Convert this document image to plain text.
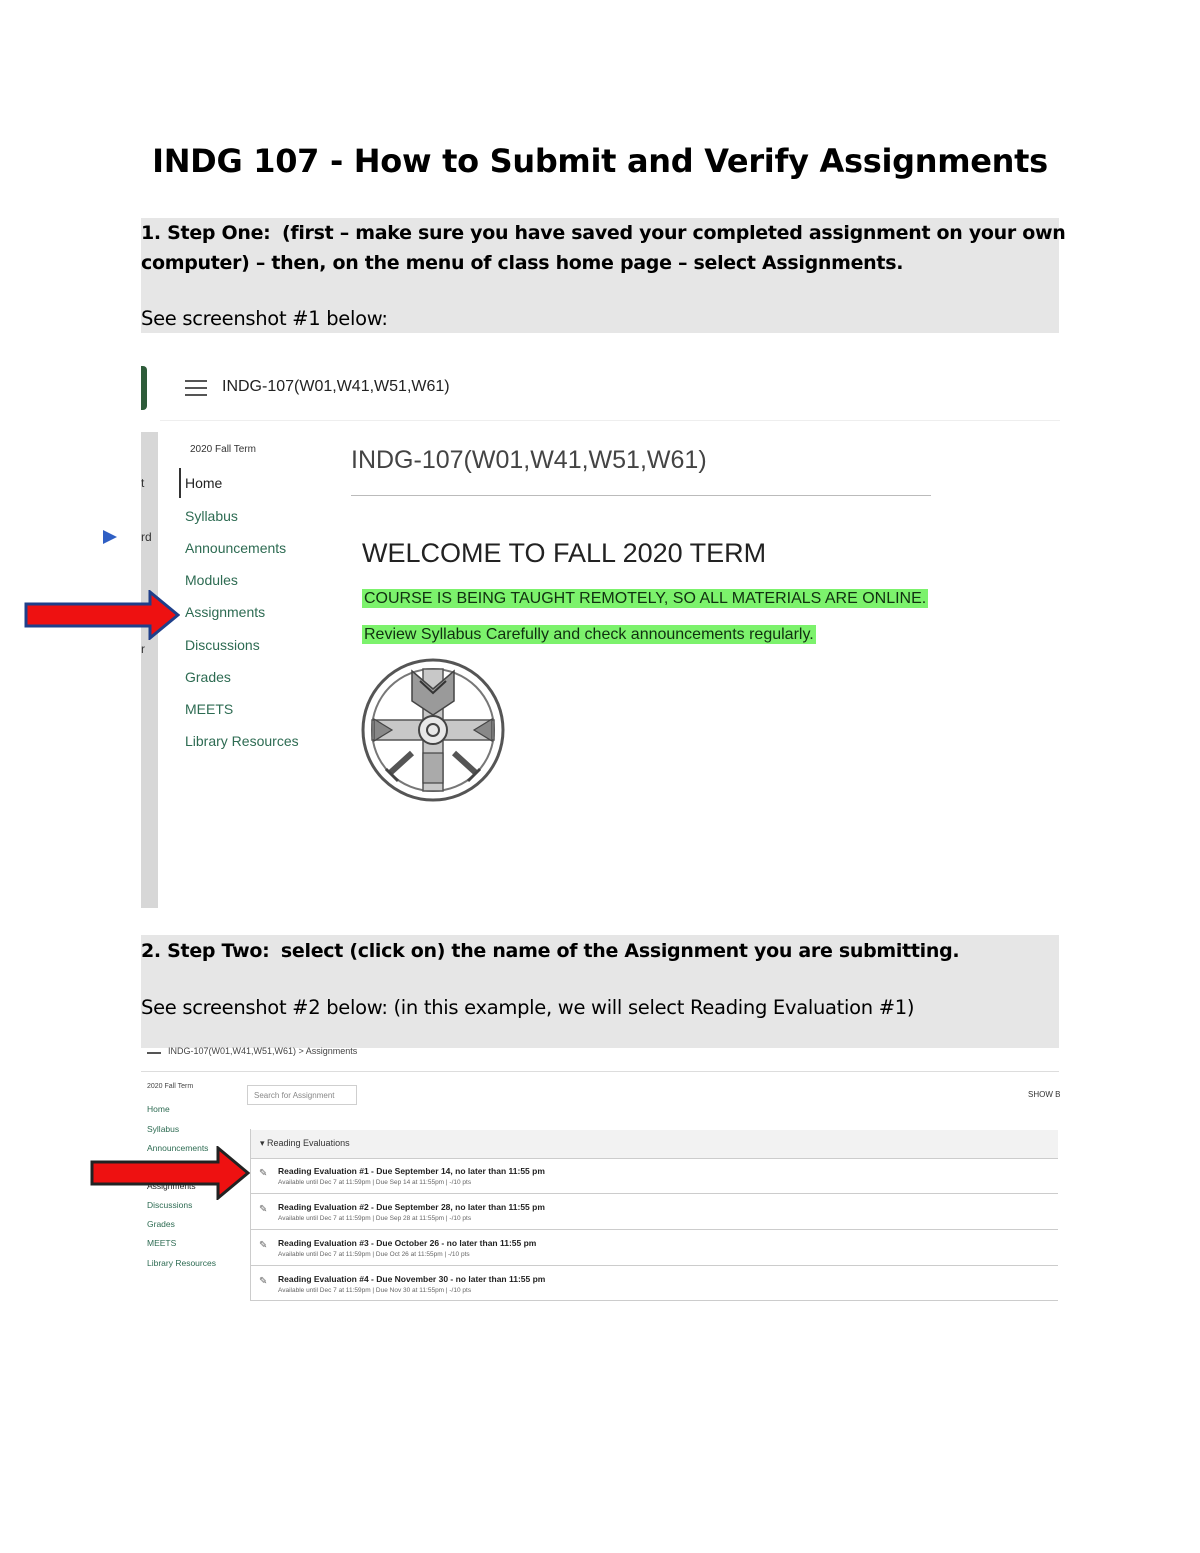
INDG 107 - How to Submit and Verify Assignments
1. Step One: (first – make sure you have saved your completed assignment on your own
computer) – then, on the menu of class home page – select Assignments.
See screenshot #1 below:
INDG-107(W01,W41,W51,W61)
t
rd
r
2020 Fall Term
Home
Syllabus
Announcements
Modules
Assignments
Discussions
Grades
MEETS
Library Resources
INDG-107(W01,W41,W51,W61)
WELCOME TO FALL 2020 TERM
COURSE IS BEING TAUGHT REMOTELY, SO ALL MATERIALS ARE ONLINE.
Review Syllabus Carefully and check announcements regularly.
2. Step Two: select (click on) the name of the Assignment you are submitting.
See screenshot #2 below: (in this example, we will select Reading Evaluation #1)
INDG-107(W01,W41,W51,W61) > Assignments
2020 Fall Term
Home
Syllabus
Announcements
Assignments
Discussions
Grades
MEETS
Library Resources
Search for Assignment	SHOW B
▾ Reading Evaluations
✎ Reading Evaluation #1 - Due September 14, no later than 11:55 pm
Available until Dec 7 at 11:59pm | Due Sep 14 at 11:55pm | -/10 pts
✎ Reading Evaluation #2 - Due September 28, no later than 11:55 pm
Available until Dec 7 at 11:59pm | Due Sep 28 at 11:55pm | -/10 pts
✎ Reading Evaluation #3 - Due October 26 - no later than 11:55 pm
Available until Dec 7 at 11:59pm | Due Oct 26 at 11:55pm | -/10 pts
✎ Reading Evaluation #4 - Due November 30 - no later than 11:55 pm
Available until Dec 7 at 11:59pm | Due Nov 30 at 11:55pm | -/10 pts
